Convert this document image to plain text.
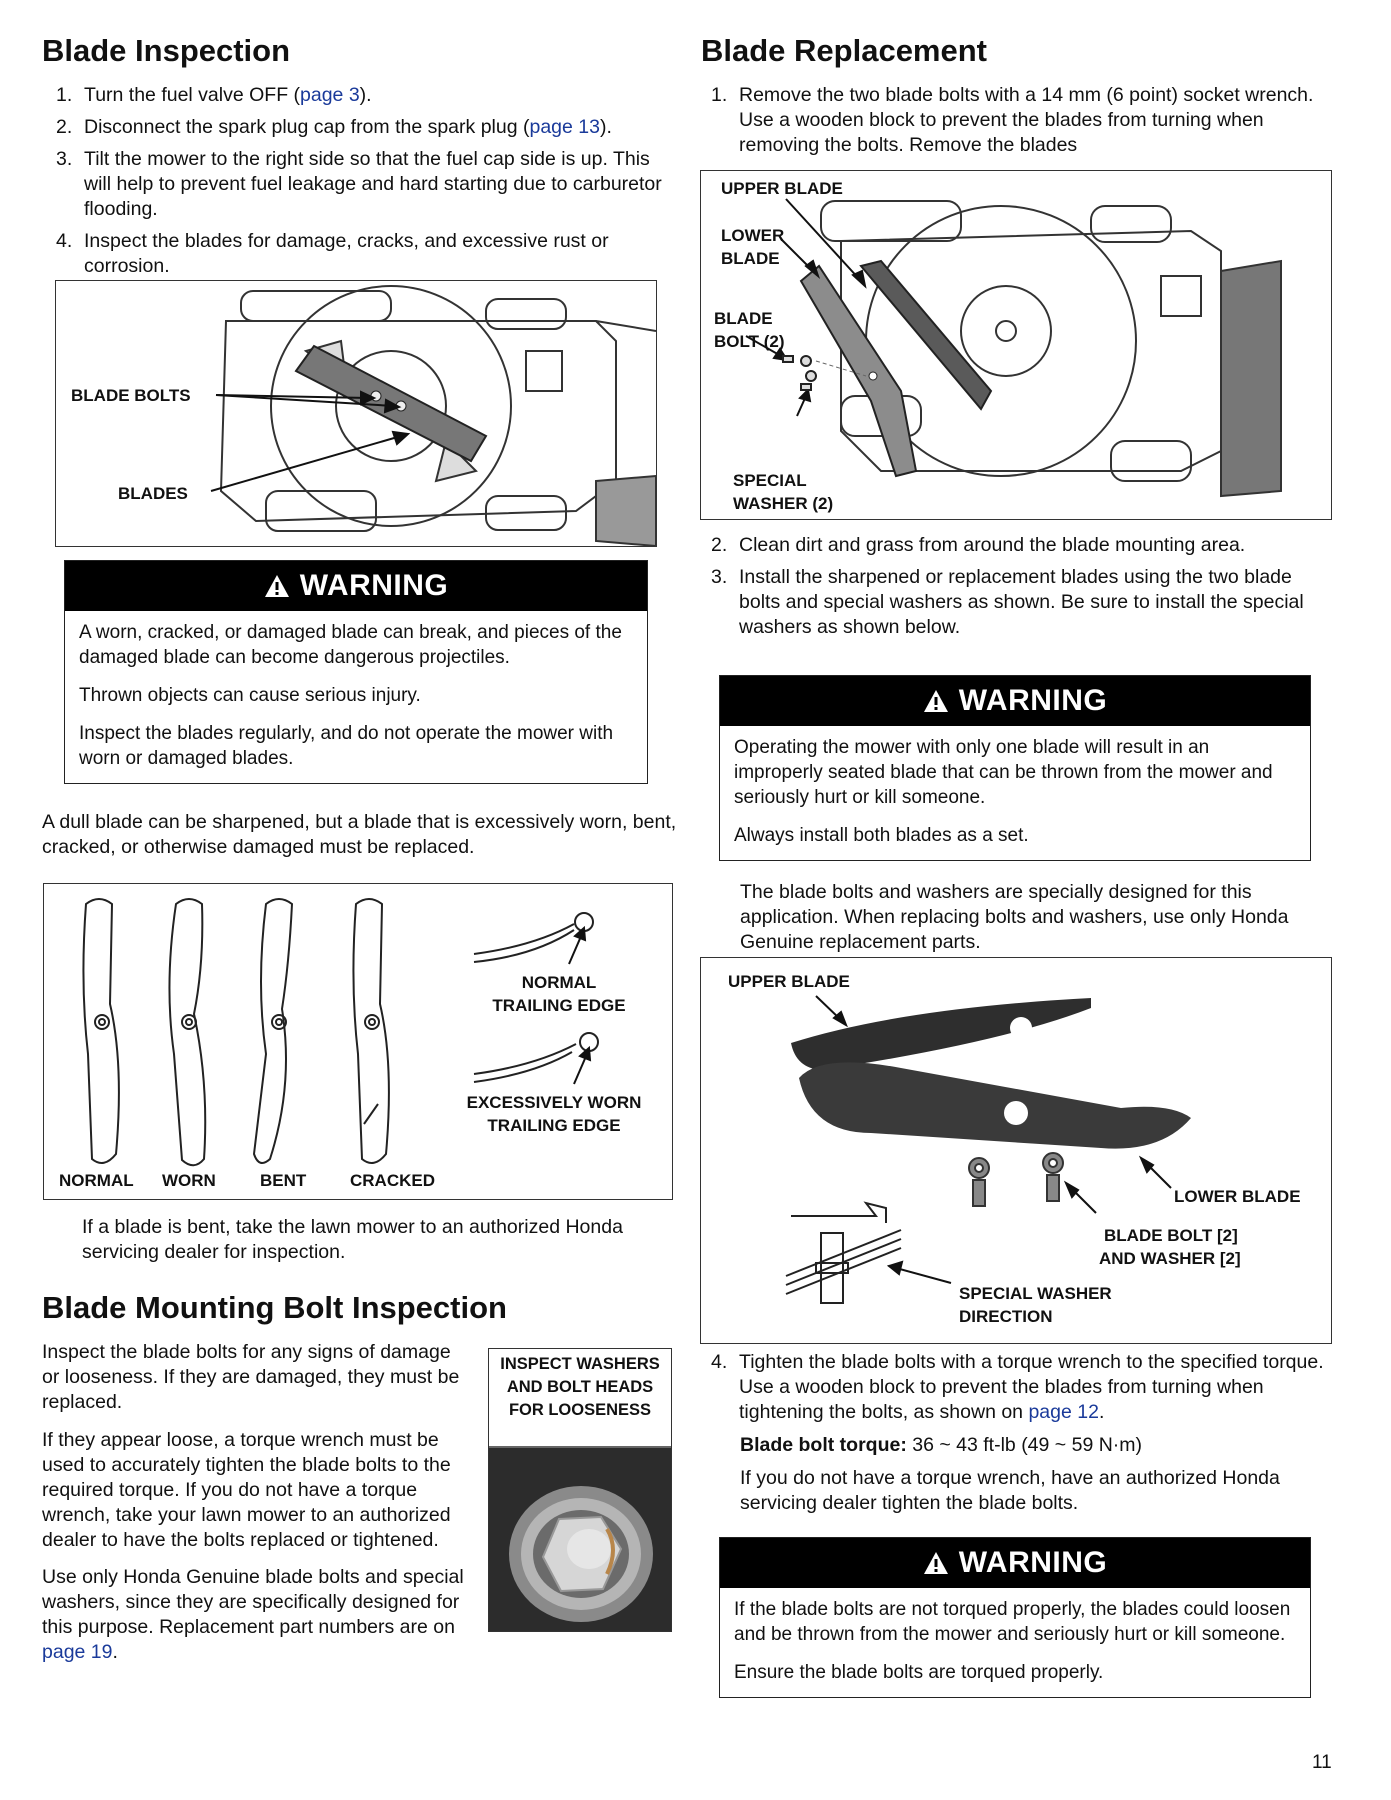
Blade Inspection
1. Turn the fuel valve OFF (page 3).
2. Disconnect the spark plug cap from the spark plug (page 13).
3. Tilt the mower to the right side so that the fuel cap side is up. This will help to prevent fuel leakage and hard starting due to carburetor flooding.
4. Inspect the blades for damage, cracks, and excessive rust or corrosion.
BLADE BOLTS
BLADES
WARNING

A worn, cracked, or damaged blade can break, and pieces of the damaged blade can become dangerous projectiles.

Thrown objects can cause serious injury.

Inspect the blades regularly, and do not operate the mower with worn or damaged blades.

A dull blade can be sharpened, but a blade that is excessively worn, bent, cracked, or otherwise damaged must be replaced.

NORMAL WORN	BENT	CRACKED
NORMAL
TRAILING EDGE
EXCESSIVELY WORN
TRAILING EDGE

If a blade is bent, take the lawn mower to an authorized Honda servicing dealer for inspection.

Blade Mounting Bolt Inspection

Inspect the blade bolts for any signs of damage or looseness. If they are damaged, they must be replaced.

If they appear loose, a torque wrench must be used to accurately tighten the blade bolts to the required torque. If you do not have a torque wrench, take your lawn mower to an authorized dealer to have the bolts replaced or tightened.

Use only Honda Genuine blade bolts and special washers, since they are specifically designed for this purpose. Replacement part numbers are on page 19.

INSPECT WASHERS
AND BOLT HEADS
FOR LOOSENESS
Blade Replacement
1. Remove the two blade bolts with a 14 mm (6 point) socket wrench. Use a wooden block to prevent the blades from turning when removing the bolts. Remove the blades
UPPER BLADE
LOWER
BLADE
BLADE
BOLT (2)
SPECIAL
WASHER (2)
2. Clean dirt and grass from around the blade mounting area.
3. Install the sharpened or replacement blades using the two blade bolts and special washers as shown. Be sure to install the special washers as shown below.
WARNING

Operating the mower with only one blade will result in an improperly seated blade that can be thrown from the mower and seriously hurt or kill someone.

Always install both blades as a set.

The blade bolts and washers are specially designed for this application. When replacing bolts and washers, use only Honda Genuine replacement parts.

UPPER BLADE
LOWER BLADE
BLADE BOLT [2]
AND WASHER [2]
SPECIAL WASHER
DIRECTION
4. Tighten the blade bolts with a torque wrench to the specified torque. Use a wooden block to prevent the blades from turning when tightening the bolts, as shown on page 12.

Blade bolt torque: 36 ~ 43 ft-lb (49 ~ 59 N·m)

If you do not have a torque wrench, have an authorized Honda servicing dealer tighten the blade bolts.

WARNING

If the blade bolts are not torqued properly, the blades could loosen and be thrown from the mower and seriously hurt or kill someone.

Ensure the blade bolts are torqued properly.

11
